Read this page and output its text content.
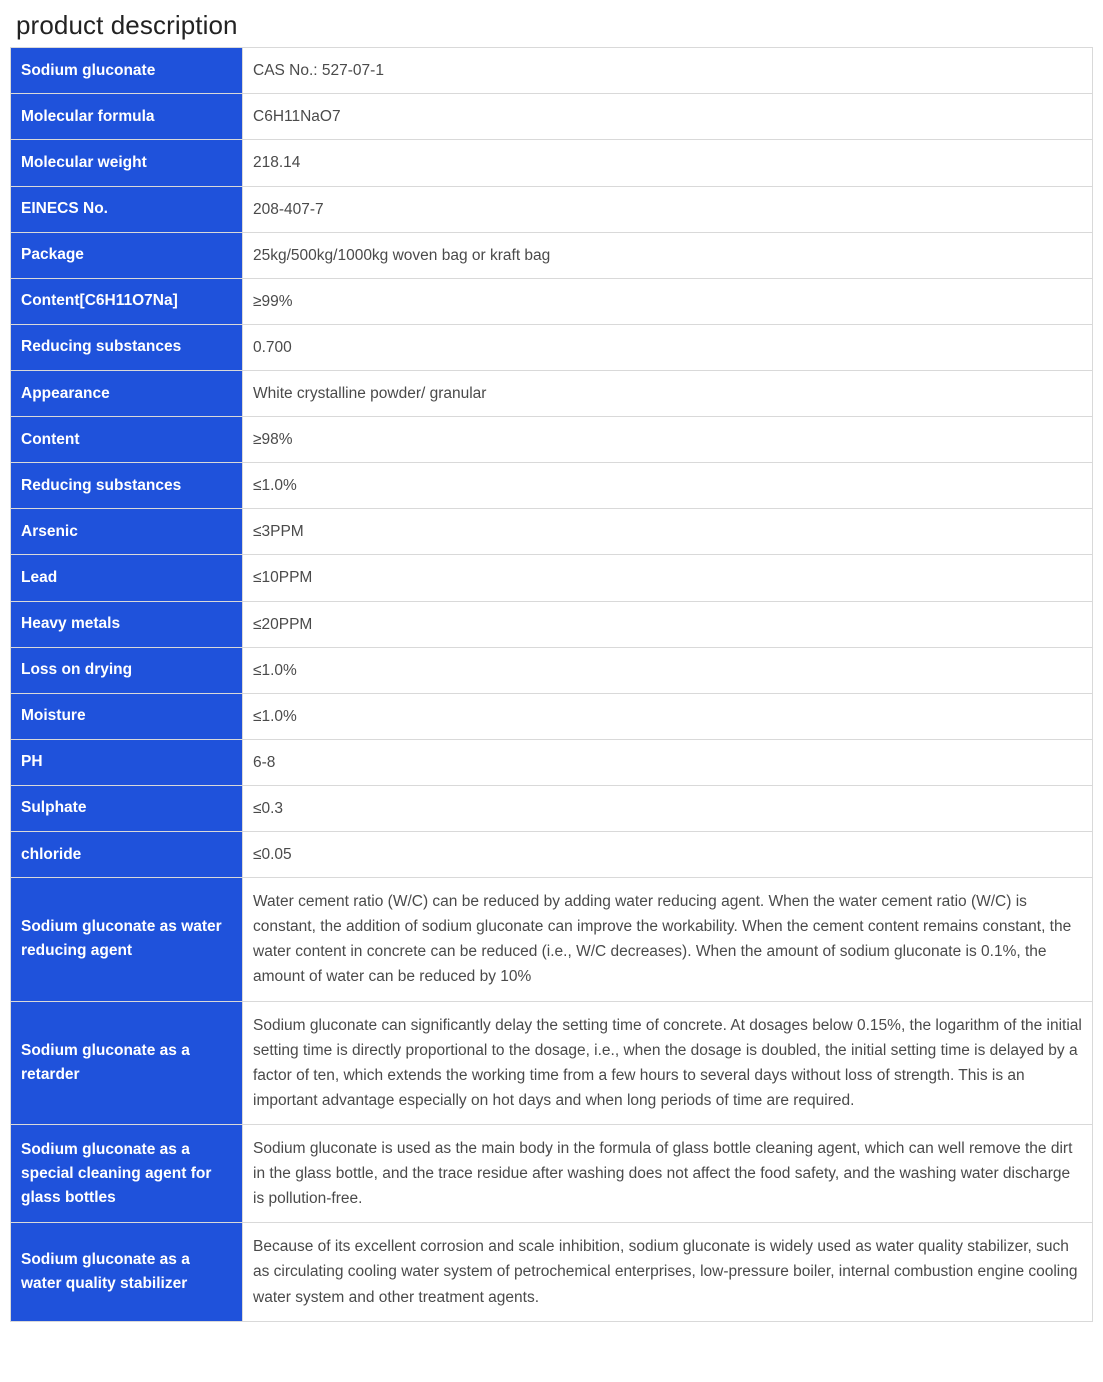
product description
Sodium gluconate	CAS No.: 527-07-1
Molecular formula	C6H11NaO7
Molecular weight	218.14
EINECS No.	208-407-7
Package	25kg/500kg/1000kg woven bag or kraft bag
Content[C6H11O7Na]	≥99%
Reducing substances	0.700
Appearance	White crystalline powder/ granular
Content	≥98%
Reducing substances	≤1.0%
Arsenic	≤3PPM
Lead	≤10PPM
Heavy metals	≤20PPM
Loss on drying	≤1.0%
Moisture	≤1.0%
PH	6-8
Sulphate	≤0.3
chloride	≤0.05
Sodium gluconate as water reducing agent	Water cement ratio (W/C) can be reduced by adding water reducing agent. When the water cement ratio (W/C) is constant, the addition of sodium gluconate can improve the workability. When the cement content remains constant, the water content in concrete can be reduced (i.e., W/C decreases). When the amount of sodium gluconate is 0.1%, the amount of water can be reduced by 10%
Sodium gluconate as a retarder	Sodium gluconate can significantly delay the setting time of concrete. At dosages below 0.15%, the logarithm of the initial setting time is directly proportional to the dosage, i.e., when the dosage is doubled, the initial setting time is delayed by a factor of ten, which extends the working time from a few hours to several days without loss of strength. This is an important advantage especially on hot days and when long periods of time are required.
Sodium gluconate as a special cleaning agent for glass bottles	Sodium gluconate is used as the main body in the formula of glass bottle cleaning agent, which can well remove the dirt in the glass bottle, and the trace residue after washing does not affect the food safety, and the washing water discharge is pollution-free.
Sodium gluconate as a water quality stabilizer	Because of its excellent corrosion and scale inhibition, sodium gluconate is widely used as water quality stabilizer, such as circulating cooling water system of petrochemical enterprises, low-pressure boiler, internal combustion engine cooling water system and other treatment agents.
